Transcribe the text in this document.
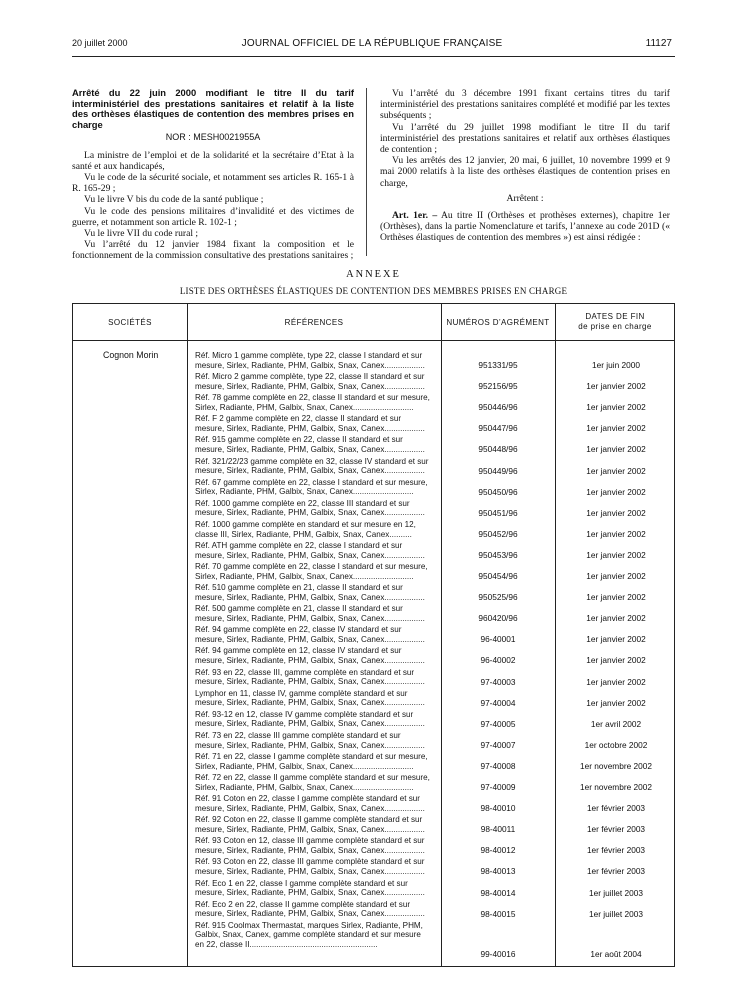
20 juillet 2000	JOURNAL OFFICIEL DE LA RÉPUBLIQUE FRANÇAISE	11127

Arrêté du 22 juin 2000 modifiant le titre II du tarif interministériel des prestations sanitaires et relatif à la liste des orthèses élastiques de contention des membres prises en charge

NOR : MESH0021955A

La ministre de l’emploi et de la solidarité et la secrétaire d’Etat à la santé et aux handicapés,

Vu le code de la sécurité sociale, et notamment ses articles R. 165-1 à R. 165-29 ;

Vu le livre V bis du code de la santé publique ;

Vu le code des pensions militaires d’invalidité et des victimes de guerre, et notamment son article R. 102-1 ;

Vu le livre VII du code rural ;

Vu l’arrêté du 12 janvier 1984 fixant la composition et le fonctionnement de la commission consultative des prestations sanitaires ;

Vu l’arrêté du 3 décembre 1991 fixant certains titres du tarif interministériel des prestations sanitaires complété et modifié par les textes subséquents ;

Vu l’arrêté du 29 juillet 1998 modifiant le titre II du tarif interministériel des prestations sanitaires et relatif aux orthèses élastiques de contention ;

Vu les arrêtés des 12 janvier, 20 mai, 6 juillet, 10 novembre 1999 et 9 mai 2000 relatifs à la liste des orthèses élastiques de contention prises en charge,

Arrêtent :

Art. 1er. – Au titre II (Orthèses et prothèses externes), chapitre 1er (Orthèses), dans la partie Nomenclature et tarifs, l’annexe au code 201D (« Orthèses élastiques de contention des membres ») est ainsi rédigée :

ANNEXE
LISTE DES ORTHÈSES ÉLASTIQUES DE CONTENTION DES MEMBRES PRISES EN CHARGE
SOCIÉTÉS	RÉFÉRENCES	NUMÉROS D’AGRÉMENT
DATES DE FIN
de prise en charge
Cognon Morin	Réf. Micro 1 gamme complète, type 22, classe I standard et sur
mesure, Sirlex, Radiante, PHM, Galbix, Snax, Canex..................	951331/95	1er juin 2000
Réf. Micro 2 gamme complète, type 22, classe II standard et sur
mesure, Sirlex, Radiante, PHM, Galbix, Snax, Canex..................	952156/95	1er janvier 2002
Réf. 78 gamme complète en 22, classe II standard et sur mesure,
Sirlex, Radiante, PHM, Galbix, Snax, Canex...........................	950446/96	1er janvier 2002
Réf. F 2 gamme complète en 22, classe II standard et sur
mesure, Sirlex, Radiante, PHM, Galbix, Snax, Canex..................	950447/96	1er janvier 2002
Réf. 915 gamme complète en 22, classe II standard et sur
mesure, Sirlex, Radiante, PHM, Galbix, Snax, Canex..................	950448/96	1er janvier 2002
Réf. 321/22/23 gamme complète en 32, classe IV standard et sur
mesure, Sirlex, Radiante, PHM, Galbix, Snax, Canex..................	950449/96	1er janvier 2002
Réf. 67 gamme complète en 22, classe I standard et sur mesure,
Sirlex, Radiante, PHM, Galbix, Snax, Canex...........................	950450/96	1er janvier 2002
Réf. 1000 gamme complète en 22, classe III standard et sur
mesure, Sirlex, Radiante, PHM, Galbix, Snax, Canex..................	950451/96	1er janvier 2002
Réf. 1000 gamme complète en standard et sur mesure en 12,
classe III, Sirlex, Radiante, PHM, Galbix, Snax, Canex..........	950452/96	1er janvier 2002
Réf. ATH gamme complète en 22, classe I standard et sur
mesure, Sirlex, Radiante, PHM, Galbix, Snax, Canex..................	950453/96	1er janvier 2002
Réf. 70 gamme complète en 22, classe I standard et sur mesure,
Sirlex, Radiante, PHM, Galbix, Snax, Canex...........................	950454/96	1er janvier 2002
Réf. 510 gamme complète en 21, classe II standard et sur
mesure, Sirlex, Radiante, PHM, Galbix, Snax, Canex..................	950525/96	1er janvier 2002
Réf. 500 gamme complète en 21, classe II standard et sur
mesure, Sirlex, Radiante, PHM, Galbix, Snax, Canex..................	960420/96	1er janvier 2002
Réf. 94 gamme complète en 22, classe IV standard et sur
mesure, Sirlex, Radiante, PHM, Galbix, Snax, Canex..................	96-40001	1er janvier 2002
Réf. 94 gamme complète en 12, classe IV standard et sur
mesure, Sirlex, Radiante, PHM, Galbix, Snax, Canex..................	96-40002	1er janvier 2002
Réf. 93 en 22, classe III, gamme complète en standard et sur
mesure, Sirlex, Radiante, PHM, Galbix, Snax, Canex..................	97-40003	1er janvier 2002
Lymphor en 11, classe IV, gamme complète standard et sur
mesure, Sirlex, Radiante, PHM, Galbix, Snax, Canex..................	97-40004	1er janvier 2002
Réf. 93-12 en 12, classe IV gamme complète standard et sur
mesure, Sirlex, Radiante, PHM, Galbix, Snax, Canex..................	97-40005	1er avril 2002
Réf. 73 en 22, classe III gamme complète standard et sur
mesure, Sirlex, Radiante, PHM, Galbix, Snax, Canex..................	97-40007	1er octobre 2002
Réf. 71 en 22, classe I gamme complète standard et sur mesure,
Sirlex, Radiante, PHM, Galbix, Snax, Canex...........................	97-40008	1er novembre 2002
Réf. 72 en 22, classe II gamme complète standard et sur mesure,
Sirlex, Radiante, PHM, Galbix, Snax, Canex...........................	97-40009	1er novembre 2002
Réf. 91 Coton en 22, classe I gamme complète standard et sur
mesure, Sirlex, Radiante, PHM, Galbix, Snax, Canex..................	98-40010	1er février 2003
Réf. 92 Coton en 22, classe II gamme complète standard et sur
mesure, Sirlex, Radiante, PHM, Galbix, Snax, Canex..................	98-40011	1er février 2003
Réf. 93 Coton en 12, classe III gamme complète standard et sur
mesure, Sirlex, Radiante, PHM, Galbix, Snax, Canex..................	98-40012	1er février 2003
Réf. 93 Coton en 22, classe III gamme complète standard et sur
mesure, Sirlex, Radiante, PHM, Galbix, Snax, Canex..................	98-40013	1er février 2003
Réf. Eco 1 en 22, classe I gamme complète standard et sur
mesure, Sirlex, Radiante, PHM, Galbix, Snax, Canex..................	98-40014	1er juillet 2003
Réf. Eco 2 en 22, classe II gamme complète standard et sur
mesure, Sirlex, Radiante, PHM, Galbix, Snax, Canex..................	98-40015	1er juillet 2003
Réf. 915 Coolmax Thermastat, marques Sirlex, Radiante, PHM,
Galbix, Snax, Canex, gamme complète standard et sur mesure
en 22, classe II.........................................................
99-40016	1er août 2004
